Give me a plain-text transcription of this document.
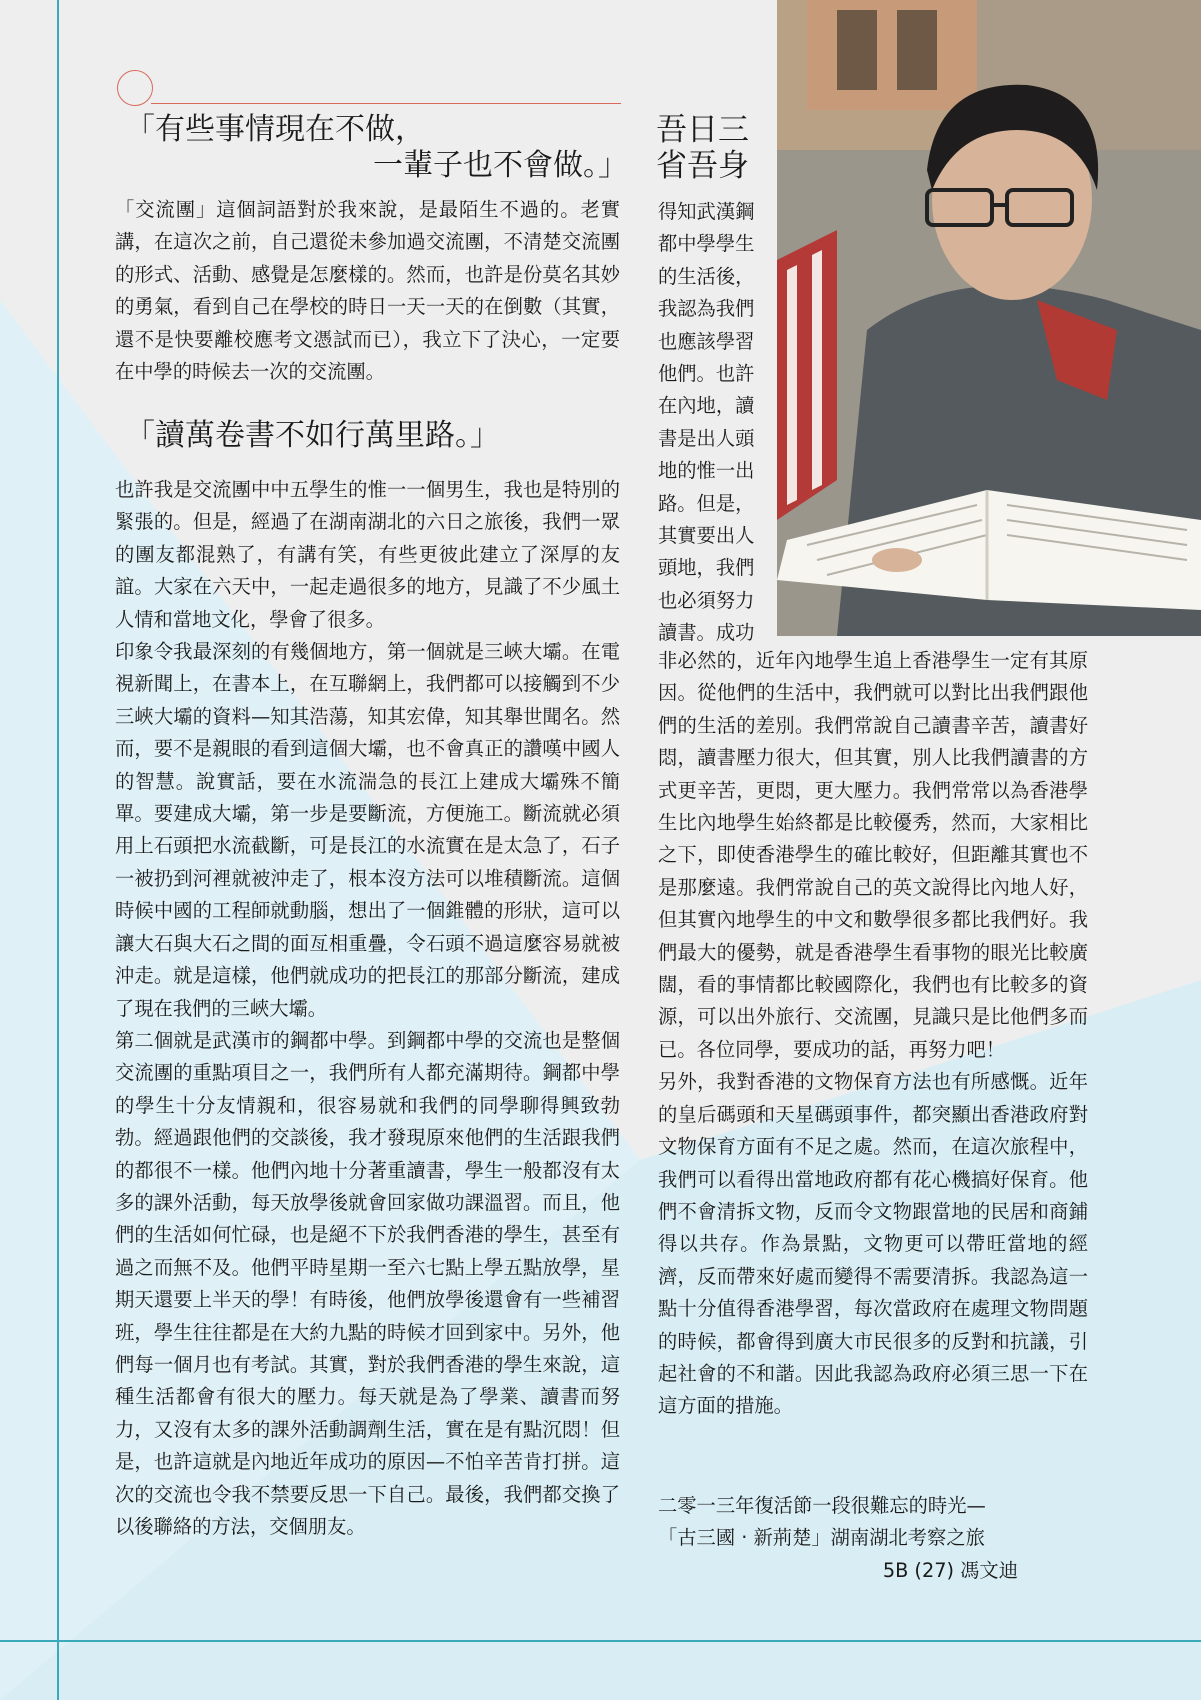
「有些事情現在不做，
一輩子也不會做。」

「交流團」這個詞語對於我來說，是最陌生不過的。老實講，在這次之前，自己還從未參加過交流團，不清楚交流團的形式、活動、感覺是怎麼樣的。然而，也許是份莫名其妙的勇氣，看到自己在學校的時日一天一天的在倒數（其實，還不是快要離校應考文憑試而已），我立下了決心，一定要在中學的時候去一次的交流團。

「讀萬卷書不如行萬里路。」

也許我是交流團中中五學生的惟一一個男生，我也是特別的緊張的。但是，經過了在湖南湖北的六日之旅後，我們一眾的團友都混熟了，有講有笑，有些更彼此建立了深厚的友誼。大家在六天中，一起走過很多的地方，見識了不少風土人情和當地文化，學會了很多。

印象令我最深刻的有幾個地方，第一個就是三峽大壩。在電視新聞上，在書本上，在互聯網上，我們都可以接觸到不少三峽大壩的資料—知其浩蕩，知其宏偉，知其舉世聞名。然而，要不是親眼的看到這個大壩，也不會真正的讚嘆中國人的智慧。說實話，要在水流湍急的長江上建成大壩殊不簡單。要建成大壩，第一步是要斷流，方便施工。斷流就必須用上石頭把水流截斷，可是長江的水流實在是太急了，石子一被扔到河裡就被沖走了，根本沒方法可以堆積斷流。這個時候中國的工程師就動腦，想出了一個錐體的形狀，這可以讓大石與大石之間的面亙相重疊，令石頭不過這麼容易就被沖走。就是這樣，他們就成功的把長江的那部分斷流，建成了現在我們的三峽大壩。

第二個就是武漢市的鋼都中學。到鋼都中學的交流也是整個交流團的重點項目之一，我們所有人都充滿期待。鋼都中學的學生十分友情親和，很容易就和我們的同學聊得興致勃勃。經過跟他們的交談後，我才發現原來他們的生活跟我們的都很不一樣。他們內地十分著重讀書，學生一般都沒有太多的課外活動，每天放學後就會回家做功課溫習。而且，他們的生活如何忙碌，也是絕不下於我們香港的學生，甚至有過之而無不及。他們平時星期一至六七點上學五點放學，星期天還要上半天的學！有時後，他們放學後還會有一些補習班，學生往往都是在大約九點的時候才回到家中。另外，他們每一個月也有考試。其實，對於我們香港的學生來說，這種生活都會有很大的壓力。每天就是為了學業、讀書而努力，又沒有太多的課外活動調劑生活，實在是有點沉悶！但是，也許這就是內地近年成功的原因—不怕辛苦肯打拼。這次的交流也令我不禁要反思一下自己。最後，我們都交換了以後聯絡的方法，交個朋友。

吾日三
省吾身
得知武漢鋼
都中學學生
的生活後，
我認為我們
也應該學習
他們。也許
在內地，讀
書是出人頭
地的惟一出
路。但是，
其實要出人
頭地，我們
也必須努力
讀書。成功

非必然的，近年內地學生追上香港學生一定有其原因。從他們的生活中，我們就可以對比出我們跟他們的生活的差別。我們常說自己讀書辛苦，讀書好悶，讀書壓力很大，但其實，別人比我們讀書的方式更辛苦，更悶，更大壓力。我們常常以為香港學生比內地學生始終都是比較優秀，然而，大家相比之下，即使香港學生的確比較好，但距離其實也不是那麼遠。我們常說自己的英文說得比內地人好，但其實內地學生的中文和數學很多都比我們好。我們最大的優勢，就是香港學生看事物的眼光比較廣闊，看的事情都比較國際化，我們也有比較多的資源，可以出外旅行、交流團，見識只是比他們多而已。各位同學，要成功的話，再努力吧！

另外，我對香港的文物保育方法也有所感慨。近年的皇后碼頭和天星碼頭事件，都突顯出香港政府對文物保育方面有不足之處。然而，在這次旅程中，我們可以看得出當地政府都有花心機搞好保育。他們不會清拆文物，反而令文物跟當地的民居和商鋪得以共存。作為景點，文物更可以帶旺當地的經濟，反而帶來好處而變得不需要清拆。我認為這一點十分值得香港學習，每次當政府在處理文物問題的時候，都會得到廣大市民很多的反對和抗議，引起社會的不和諧。因此我認為政府必須三思一下在這方面的措施。

二零一三年復活節一段很難忘的時光—
「古三國 ‧ 新荊楚」湖南湖北考察之旅
5B (27) 馮文迪
